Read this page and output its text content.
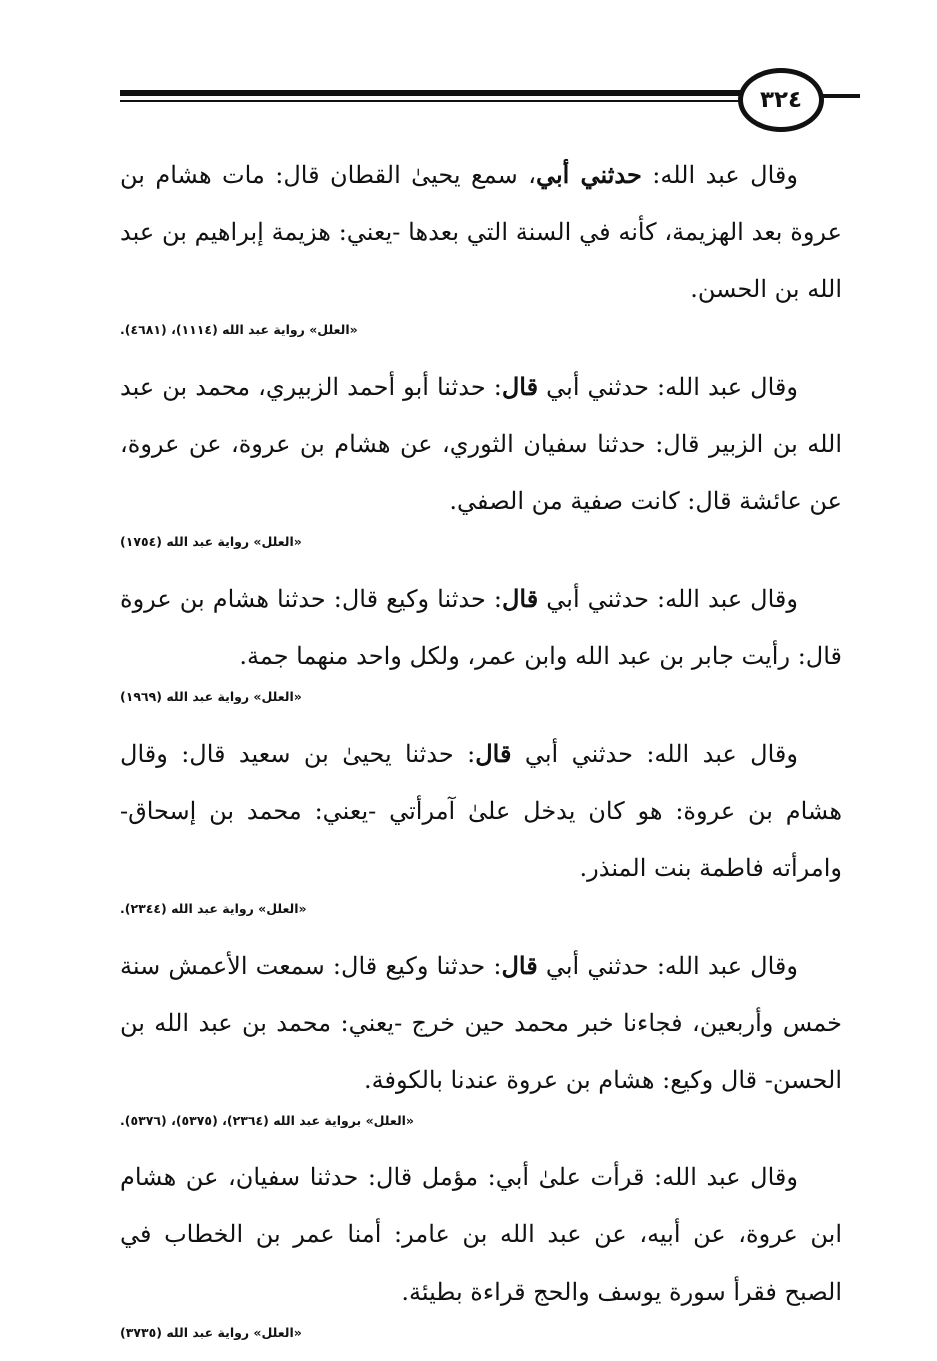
٣٢٤

وقال عبد الله: حدثني أبي، سمع يحيىٰ القطان قال: مات هشام بن عروة بعد الهزيمة، كأنه في السنة التي بعدها -يعني: هزيمة إبراهيم بن عبد الله بن الحسن.

«العلل» رواية عبد الله (١١١٤)، (٤٦٨١).

وقال عبد الله: حدثني أبي قال: حدثنا أبو أحمد الزبيري، محمد بن عبد الله بن الزبير قال: حدثنا سفيان الثوري، عن هشام بن عروة، عن عروة، عن عائشة قال: كانت صفية من الصفي.

«العلل» رواية عبد الله (١٧٥٤)

وقال عبد الله: حدثني أبي قال: حدثنا وكيع قال: حدثنا هشام بن عروة قال: رأيت جابر بن عبد الله وابن عمر، ولكل واحد منهما جمة.

«العلل» رواية عبد الله (١٩٦٩)

وقال عبد الله: حدثني أبي قال: حدثنا يحيىٰ بن سعيد قال: وقال هشام بن عروة: هو كان يدخل علىٰ آمرأتي -يعني: محمد بن إسحاق- وامرأته فاطمة بنت المنذر.

«العلل» رواية عبد الله (٢٣٤٤).

وقال عبد الله: حدثني أبي قال: حدثنا وكيع قال: سمعت الأعمش سنة خمس وأربعين، فجاءنا خبر محمد حين خرج -يعني: محمد بن عبد الله بن الحسن- قال وكيع: هشام بن عروة عندنا بالكوفة.

«العلل» برواية عبد الله (٢٣٦٤)، (٥٣٧٥)، (٥٣٧٦).

وقال عبد الله: قرأت علىٰ أبي: مؤمل قال: حدثنا سفيان، عن هشام ابن عروة، عن أبيه، عن عبد الله بن عامر: أمنا عمر بن الخطاب في الصبح فقرأ سورة يوسف والحج قراءة بطيئة.

«العلل» رواية عبد الله (٣٧٣٥)
